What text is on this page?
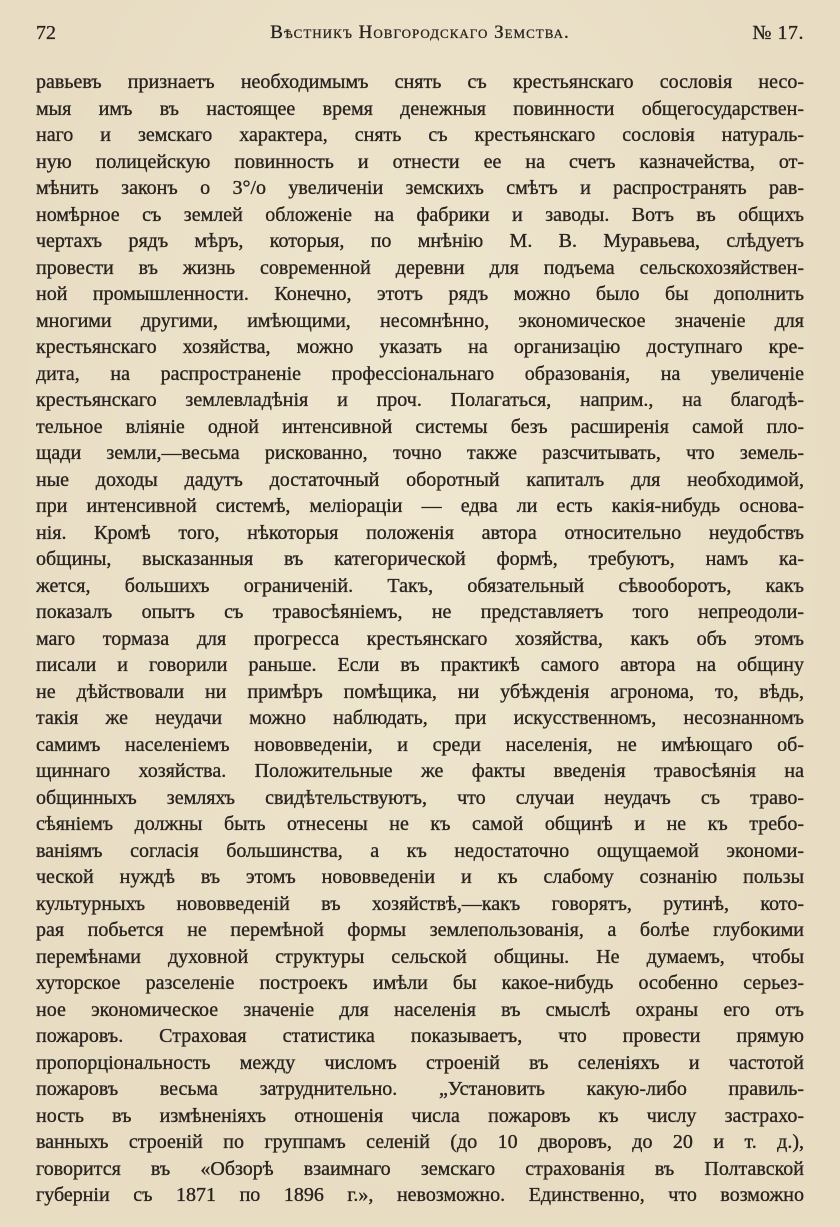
72	Вѣстникъ Новгородскаго Земства.	№ 17.
равьевъ признаетъ необходимымъ снять съ крестьянскаго сословія несо-
мыя имъ въ настоящее время денежныя повинности общегосударствен-
наго и земскаго характера, снять съ крестьянскаго сословія натураль-
ную полицейскую повинность и отнести ее на счетъ казначейства, от-
мѣнить законъ о 3°/о увеличеніи земскихъ смѣтъ и распространять рав-
номѣрное съ землей обложеніе на фабрики и заводы. Вотъ въ общихъ
чертахъ рядъ мѣръ, которыя, по мнѣнію М. В. Муравьева, слѣдуетъ
провести въ жизнь современной деревни для подъема сельскохозяйствен-
ной промышленности. Конечно, этотъ рядъ можно было бы дополнить
многими другими, имѣющими, несомнѣнно, экономическое значеніе для
крестьянскаго хозяйства, можно указать на организацію доступнаго кре-
дита, на распространеніе профессіональнаго образованія, на увеличеніе
крестьянскаго землевладѣнія и проч. Полагаться, наприм., на благодѣ-
тельное вліяніе одной интенсивной системы безъ расширенія самой пло-
щади земли,—весьма рискованно, точно также разсчитывать, что земель-
ные доходы дадутъ достаточный оборотный капиталъ для необходимой,
при интенсивной системѣ, меліораціи — едва ли есть какія-нибудь основа-
нія. Кромѣ того, нѣкоторыя положенія автора относительно неудобствъ
общины, высказанныя въ категорической формѣ, требуютъ, намъ ка-
жется, большихъ ограниченій. Такъ, обязательный сѣвооборотъ, какъ
показалъ опытъ съ травосѣяніемъ, не представляетъ того непреодоли-
маго тормаза для прогресса крестьянскаго хозяйства, какъ объ этомъ
писали и говорили раньше. Если въ практикѣ самого автора на общину
не дѣйствовали ни примѣръ помѣщика, ни убѣжденія агронома, то, вѣдь,
такія же неудачи можно наблюдать, при искусственномъ, несознанномъ
самимъ населеніемъ нововведеніи, и среди населенія, не имѣющаго об-
щиннаго хозяйства. Положительные же факты введенія травосѣянія на
общинныхъ земляхъ свидѣтельствуютъ, что случаи неудачъ съ траво-
сѣяніемъ должны быть отнесены не къ самой общинѣ и не къ требо-
ваніямъ согласія большинства, а къ недостаточно ощущаемой экономи-
ческой нуждѣ въ этомъ нововведеніи и къ слабому сознанію пользы
культурныхъ нововведеній въ хозяйствѣ,—какъ говорятъ, рутинѣ, кото-
рая побьется не перемѣной формы землепользованія, а болѣе глубокими
перемѣнами духовной структуры сельской общины. Не думаемъ, чтобы
хуторское разселеніе построекъ имѣли бы какое-нибудь особенно серьез-
ное экономическое значеніе для населенія въ смыслѣ охраны его отъ
пожаровъ. Страховая статистика показываетъ, что провести прямую
пропорціональность между числомъ строеній въ селеніяхъ и частотой
пожаровъ весьма затруднительно. „Установить какую-либо правиль-
ность въ измѣненіяхъ отношенія числа пожаровъ къ числу застрахо-
ванныхъ строеній по группамъ селеній (до 10 дворовъ, до 20 и т. д.),
говорится въ «Обзорѣ взаимнаго земскаго страхованія въ Полтавской
губерніи съ 1871 по 1896 г.», невозможно. Единственно, что возможно
